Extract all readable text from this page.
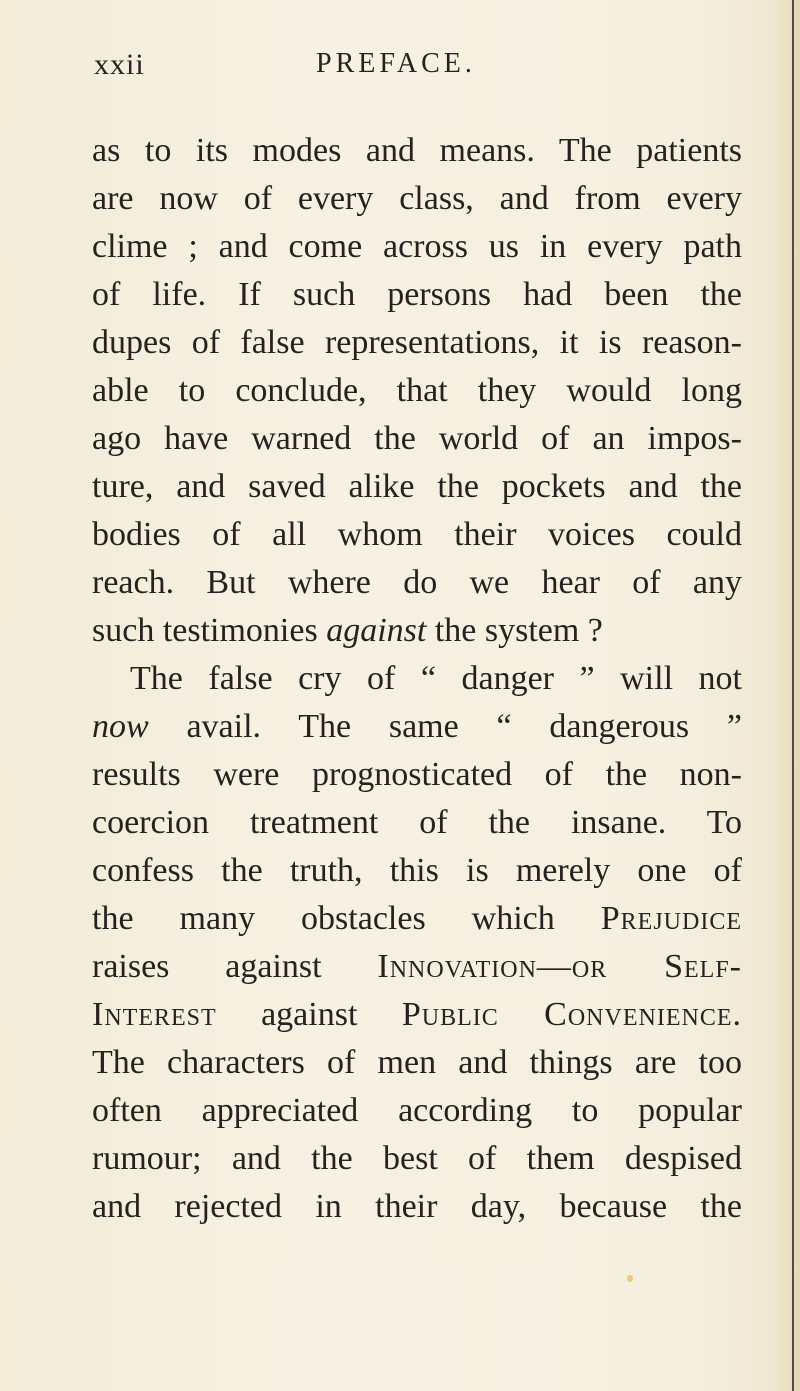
xxii	PREFACE.
as to its modes and means. The patients
are now of every class, and from every
clime ; and come across us in every path
of life. If such persons had been the
dupes of false representations, it is reason-
able to conclude, that they would long
ago have warned the world of an impos-
ture, and saved alike the pockets and the
bodies of all whom their voices could
reach. But where do we hear of any
such testimonies against the system ?
The false cry of “ danger ” will not
now avail. The same “ dangerous ”
results were prognosticated of the non-
coercion treatment of the insane. To
confess the truth, this is merely one of
the many obstacles which Prejudice
raises against Innovation—or Self-
Interest against Public Convenience.
The characters of men and things are too
often appreciated according to popular
rumour; and the best of them despised
and rejected in their day, because the
